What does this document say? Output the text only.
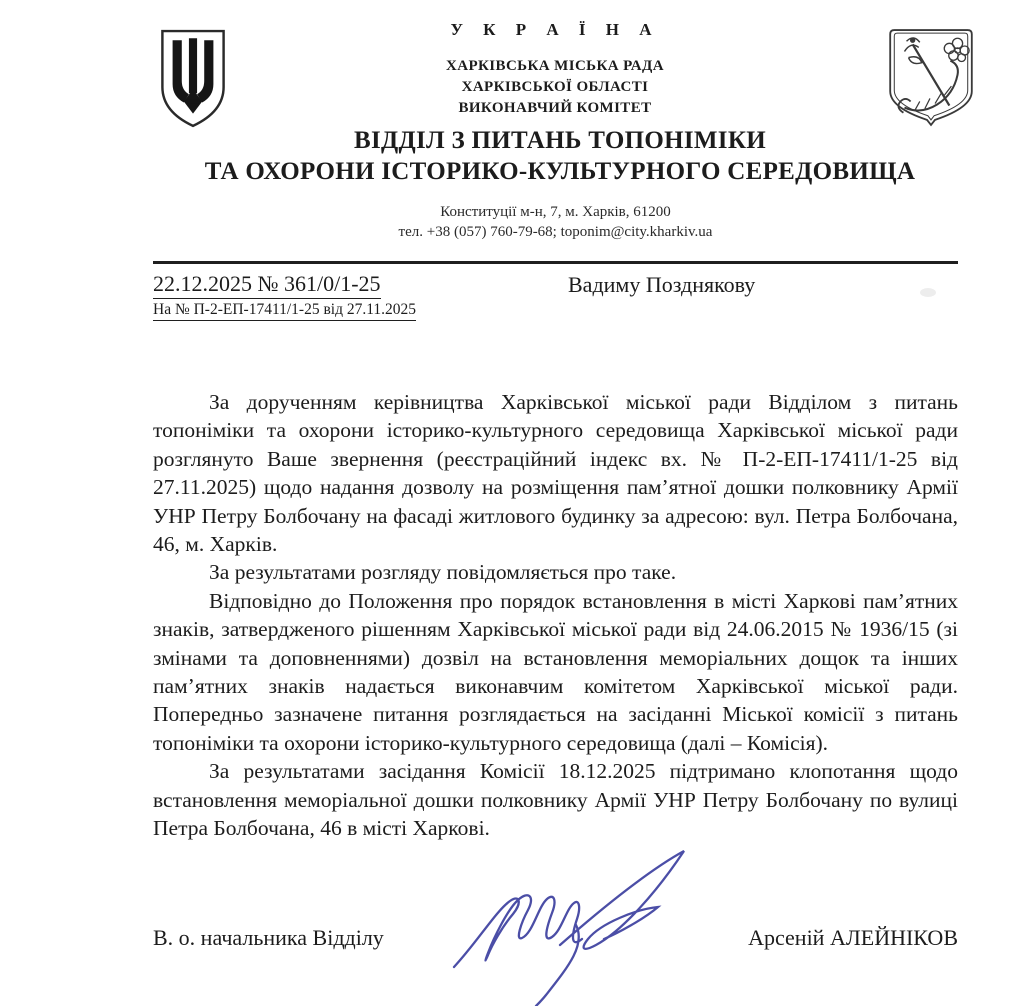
У К Р А Ї Н А

ХАРКІВСЬКА МІСЬКА РАДА

ХАРКІВСЬКОЇ ОБЛАСТІ

ВИКОНАВЧИЙ КОМІТЕТ

ВІДДІЛ З ПИТАНЬ ТОПОНІМІКИ

ТА ОХОРОНИ ІСТОРИКО-КУЛЬТУРНОГО СЕРЕДОВИЩА

Конституції м-н, 7, м. Харків, 61200

тел. +38 (057) 760-79-68; toponim@city.kharkiv.ua

22.12.2025 № 361/0/1-25
На № П-2-ЕП-17411/1-25 від 27.11.2025
Вадиму Позднякову

За дорученням керівництва Харківської міської ради Відділом з питань топоніміки та охорони історико-культурного середовища Харківської міської ради розглянуто Ваше звернення (реєстраційний індекс вх. № П-2-ЕП-17411/1-25 від 27.11.2025) щодо надання дозволу на розміщення пам’ятної дошки полковнику Армії УНР Петру Болбочану на фасаді житлового будинку за адресою: вул. Петра Болбочана, 46, м. Харків.

За результатами розгляду повідомляється про таке.

Відповідно до Положення про порядок встановлення в місті Харкові пам’ятних знаків, затвердженого рішенням Харківської міської ради від 24.06.2015 № 1936/15 (зі змінами та доповненнями) дозвіл на встановлення меморіальних дощок та інших пам’ятних знаків надається виконавчим комітетом Харківської міської ради. Попередньо зазначене питання розглядається на засіданні Міської комісії з питань топоніміки та охорони історико-культурного середовища (далі – Комісія).

За результатами засідання Комісії 18.12.2025 підтримано клопотання щодо встановлення меморіальної дошки полковнику Армії УНР Петру Болбочану по вулиці Петра Болбочана, 46 в місті Харкові.

В. о. начальника Відділу	Арсеній АЛЕЙНІКОВ
